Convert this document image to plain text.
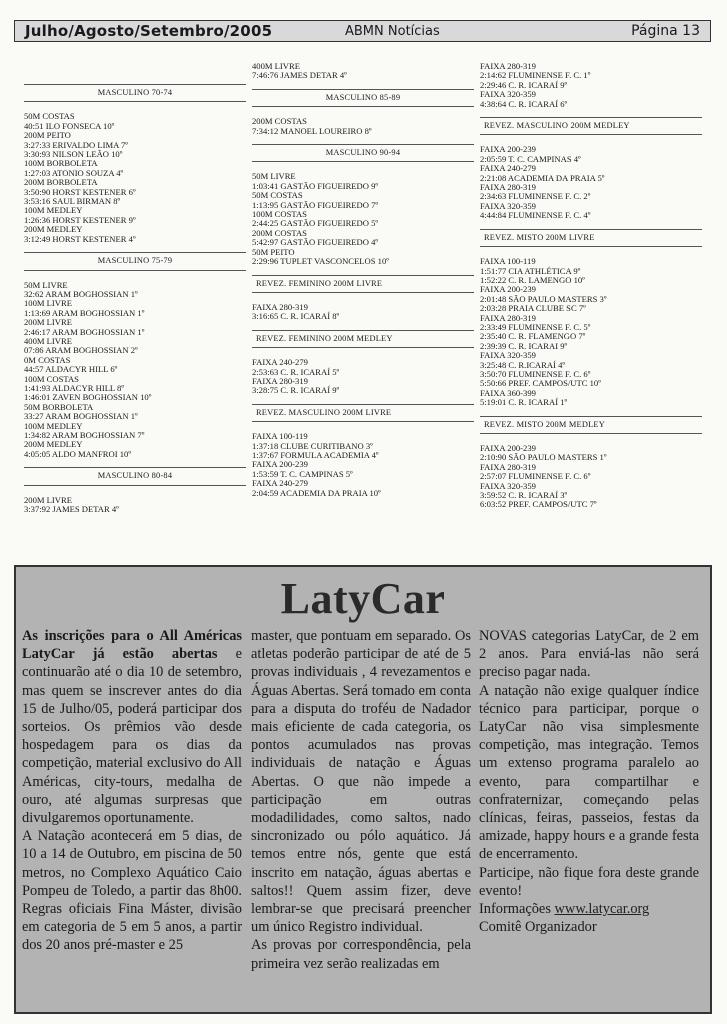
Julho/Agosto/Setembro/2005	ABMN Notícias	Página 13
MASCULINO 70-74
50M COSTAS
40:51 ILO FONSECA 10º
200M PEITO
3:27:33 ERIVALDO LIMA 7º
3:30:93 NILSON LEÃO 10º
100M BORBOLETA
1:27:03 ATONIO SOUZA 4º
200M BORBOLETA
3:50:90 HORST KESTENER 6º
3:53:16 SAUL BIRMAN 8º
100M MEDLEY
1:26:36 HORST KESTENER 9º
200M MEDLEY
3:12:49 HORST KESTENER 4º
MASCULINO 75-79
50M LIVRE
32:62 ARAM BOGHOSSIAN 1º
100M LIVRE
1:13:69 ARAM BOGHOSSIAN 1º
200M LIVRE
2:46:17 ARAM BOGHOSSIAN 1º
400M LIVRE
07:86 ARAM BOGHOSSIAN 2º
0M COSTAS
44:57 ALDACYR HILL 6º
100M COSTAS
1:41:93 ALDACYR HILL 8º
1:46:01 ZAVEN BOGHOSSIAN 10º
50M BORBOLETA
33:27 ARAM BOGHOSSIAN 1º
100M MEDLEY
1:34:82 ARAM BOGHOSSIAN 7º
200M MEDLEY
4:05:05 ALDO MANFROI 10º
MASCULINO 80-84
200M LIVRE
3:37:92 JAMES DETAR 4º
400M LIVRE
7:46:76 JAMES DETAR 4º
MASCULINO 85-89
200M COSTAS
7:34:12 MANOEL LOUREIRO 8º
MASCULINO 90-94
50M LIVRE
1:03:41 GASTÃO FIGUEIREDO 9º
50M COSTAS
1:13:95 GASTÃO FIGUEIREDO 7º
100M COSTAS
2:44:25 GASTÃO FIGUEIREDO 5º
200M COSTAS
5:42:97 GASTÃO FIGUEIREDO 4º
50M PEITO
2:29:96 TUPLET VASCONCELOS 10º
REVEZ. FEMININO 200M LIVRE
FAIXA 280-319
3:16:65 C. R. ICARAÍ 8º
REVEZ. FEMININO 200M MEDLEY
FAIXA 240-279
2:53:63 C. R. ICARAÍ 5º
FAIXA 280-319
3:28:75 C. R. ICARAÍ 9º
REVEZ. MASCULINO 200M LIVRE
FAIXA 100-119
1:37:18 CLUBE CURITIBANO 3º
1:37:67 FORMULA ACADEMIA 4º
FAIXA 200-239
1:53:59 T. C. CAMPINAS 5º
FAIXA 240-279
2:04:59 ACADEMIA DA PRAIA 10º
FAIXA 280-319
2:14:62 FLUMINENSE F. C. 1º
2:29:46 C. R. ICARAÍ 9º
FAIXA 320-359
4:38:64 C. R. ICARAÍ 6º
REVEZ. MASCULINO 200M MEDLEY
FAIXA 200-239
2:05:59 T. C. CAMPINAS 4º
FAIXA 240-279
2:21:08 ACADEMIA DA PRAIA 5º
FAIXA 280-319
2:34:63 FLUMINENSE F. C. 2º
FAIXA 320-359
4:44:84 FLUMINENSE F. C. 4º
REVEZ. MISTO 200M LIVRE
FAIXA 100-119
1:51:77 CIA ATHLÉTICA 9º
1:52:22 C. R. LAMENGO 10º
FAIXA 200-239
2:01:48 SÃO PAULO MASTERS 3º
2:03:28 PRAIA CLUBE SC 7º
FAIXA 280-319
2:33:49 FLUMINENSE F. C. 5º
2:35:40 C. R. FLAMENGO 7º
2:39:39 C. R. ICARAI 9º
FAIXA 320-359
3:25:48 C. R.ICARAÍ 4º
3:50:70 FLUMINENSE F. C. 6º
5:50:66 PREF. CAMPOS/UTC 10º
FAIXA 360-399
5:19:01 C. R. ICARAÍ 1º
REVEZ. MISTO 200M MEDLEY
FAIXA 200-239
2:10:90 SÃO PAULO MASTERS 1º
FAIXA 280-319
2:57:07 FLUMINENSE F. C. 6º
FAIXA 320-359
3:59:52 C. R. ICARAÍ 3º
6:03:52 PREF. CAMPOS/UTC 7º
LatyCar

As inscrições para o All Américas LatyCar já estão abertas e continuarão até o dia 10 de setembro, mas quem se inscrever antes do dia 15 de Julho/05, poderá participar dos sorteios. Os prêmios vão desde hospedagem para os dias da competição, material exclusivo do All Américas, city-tours, medalha de ouro, até algumas surpresas que divulgaremos oportunamente.

A Natação acontecerá em 5 dias, de 10 a 14 de Outubro, em piscina de 50 metros, no Complexo Aquático Caio Pompeu de Toledo, a partir das 8h00. Regras oficiais Fina Máster, divisão em categoria de 5 em 5 anos, a partir dos 20 anos pré-master e 25

master, que pontuam em separado. Os atletas poderão participar de até de 5 provas individuais , 4 revezamentos e Águas Abertas. Será tomado em conta para a disputa do troféu de Nadador mais eficiente de cada categoria, os pontos acumulados nas provas individuais de natação e Águas Abertas. O que não impede a participação em outras modadilidades, como saltos, nado sincronizado ou pólo aquático. Já temos entre nós, gente que está inscrito em natação, águas abertas e saltos!! Quem assim fizer, deve lembrar-se que precisará preencher um único Registro individual.

As provas por correspondência, pela primeira vez serão realizadas em

NOVAS categorias LatyCar, de 2 em 2 anos. Para enviá-las não será preciso pagar nada.

A natação não exige qualquer índice técnico para participar, porque o LatyCar não visa simplesmente competição, mas integração. Temos um extenso programa paralelo ao evento, para compartilhar e confraternizar, começando pelas clínicas, feiras, passeios, festas da amizade, happy hours e a grande festa de encerramento.

Participe, não fique fora deste grande evento!

Informações www.latycar.org

Comitê Organizador
